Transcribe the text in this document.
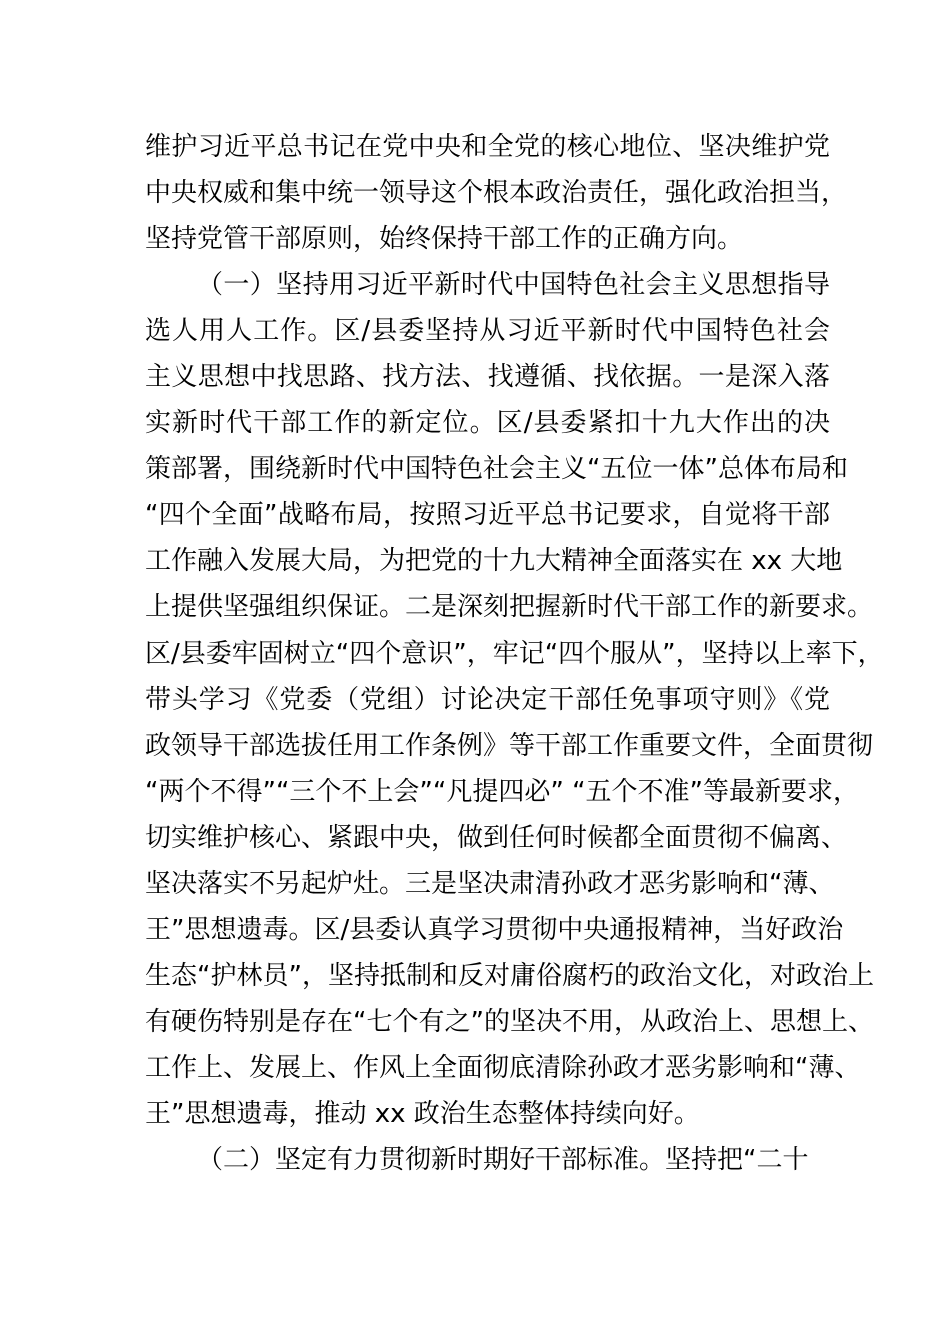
维护习近平总书记在党中央和全党的核心地位、坚决维护党
中央权威和集中统一领导这个根本政治责任，强化政治担当，
坚持党管干部原则，始终保持干部工作的正确方向。
（一）坚持用习近平新时代中国特色社会主义思想指导
选人用人工作。区/县委坚持从习近平新时代中国特色社会
主义思想中找思路、找方法、找遵循、找依据。一是深入落
实新时代干部工作的新定位。区/县委紧扣十九大作出的决
策部署，围绕新时代中国特色社会主义“五位一体”总体布局和
“四个全面”战略布局，按照习近平总书记要求，自觉将干部
工作融入发展大局，为把党的十九大精神全面落实在 xx 大地
上提供坚强组织保证。二是深刻把握新时代干部工作的新要求。
区/县委牢固树立“四个意识”，牢记“四个服从”，坚持以上率下，
带头学习《党委（党组）讨论决定干部任免事项守则》《党
政领导干部选拔任用工作条例》等干部工作重要文件，全面贯彻
“两个不得”“三个不上会”“凡提四必” “五个不准”等最新要求，
切实维护核心、紧跟中央，做到任何时候都全面贯彻不偏离、
坚决落实不另起炉灶。三是坚决肃清孙政才恶劣影响和“薄、
王”思想遗毒。区/县委认真学习贯彻中央通报精神，当好政治
生态“护林员”，坚持抵制和反对庸俗腐朽的政治文化，对政治上
有硬伤特别是存在“七个有之”的坚决不用，从政治上、思想上、
工作上、发展上、作风上全面彻底清除孙政才恶劣影响和“薄、
王”思想遗毒，推动 xx 政治生态整体持续向好。
（二）坚定有力贯彻新时期好干部标准。坚持把“二十
